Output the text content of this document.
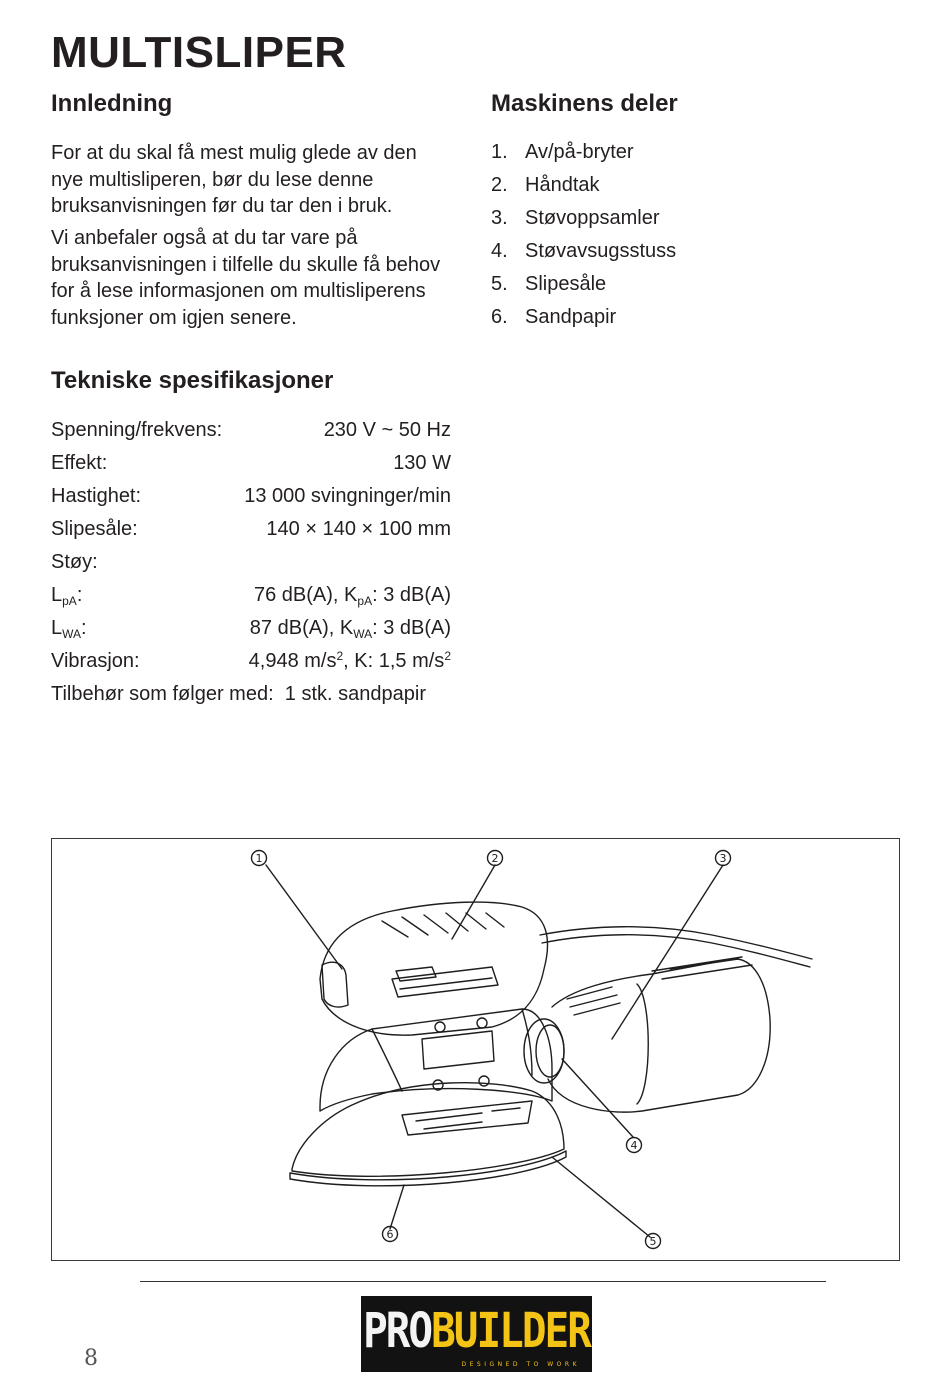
MULTISLIPER
Innledning

For at du skal få mest mulig glede av den
nye multisliperen, bør du lese denne
bruksanvisningen før du tar den i bruk.

Vi anbefaler også at du tar vare på
bruksanvisningen i tilfelle du skulle få behov
for å lese informasjonen om multisliperens
funksjoner om igjen senere.

Maskinens deler
1. Av/på-bryter
2. Håndtak
3. Støvoppsamler
4. Støvavsugsstuss
5. Slipesåle
6. Sandpapir
Tekniske spesifikasjoner
Spenning/frekvens:	230 V ~ 50 Hz
Effekt:	130 W
Hastighet:	13 000 svingninger/min
Slipesåle:	140 × 140 × 100 mm
Støy:
$L_{pA}$:	76 dB(A), $K_{pA}$: 3 dB(A)
$L_{WA}$:	87 dB(A), $K_{WA}$: 3 dB(A)
Vibrasjon:	4,948 $m/s^2$, K: 1,5 $m/s^2$
Tilbehør som følger med: 1 stk. sandpapir
1	2	3
4
5
6
8	PROBUILDER
DESIGNED TO WORK
